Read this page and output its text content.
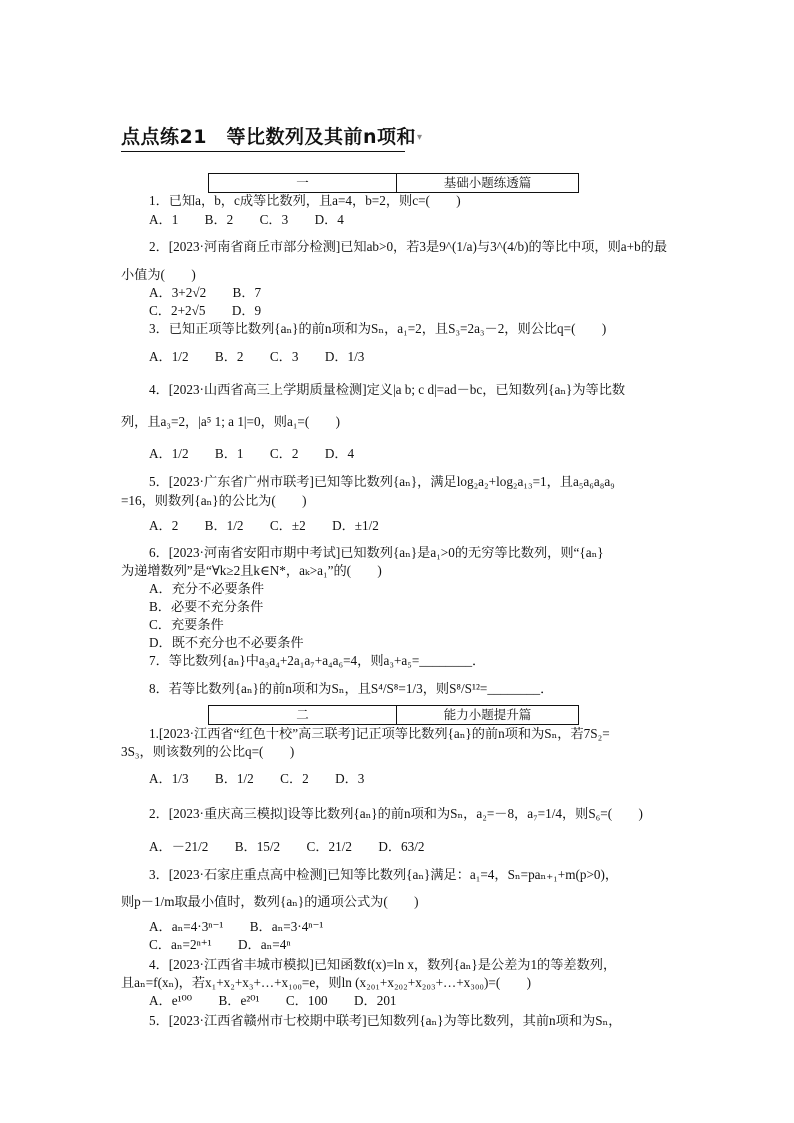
点点练21　等比数列及其前n项和▾
一	基础小题练透篇
1．已知a，b，c成等比数列，且a=4，b=2，则c=(　　)
A．1　　B．2　　C．3　　D．4
2．[2023·河南省商丘市部分检测]已知ab>0，若3是9^(1/a)与3^(4/b)的等比中项，则a+b的最
小值为(　　)
A．3+2√2　　B．7
C．2+2√5　　D．9
3．已知正项等比数列{aₙ}的前n项和为Sₙ，a₁=2，且S₃=2a₃－2，则公比q=(　　)
A．1/2　　B．2　　C．3　　D．1/3
4．[2023·山西省高三上学期质量检测]定义|a b; c d|=ad－bc，已知数列{aₙ}为等比数
列，且a₃=2，|a⁵ 1; a 1|=0，则a₁=(　　)
A．1/2　　B．1　　C．2　　D．4
5．[2023·广东省广州市联考]已知等比数列{aₙ}，满足log₂a₂+log₂a₁₃=1，且a₅a₆a₈a₉
=16，则数列{aₙ}的公比为(　　)
A．2　　B．1/2　　C．±2　　D．±1/2
6．[2023·河南省安阳市期中考试]已知数列{aₙ}是a₁>0的无穷等比数列，则“{aₙ}
为递增数列”是“∀k≥2且k∈N*，aₖ>a₁”的(　　)
A．充分不必要条件
B．必要不充分条件
C．充要条件
D．既不充分也不必要条件
7．等比数列{aₙ}中a₃a₄+2a₁a₇+a₄a₆=4，则a₃+a₅=________．
8．若等比数列{aₙ}的前n项和为Sₙ，且S⁴/S⁸=1/3，则S⁸/S¹²=________．
二	能力小题提升篇
1.[2023·江西省“红色十校”高三联考]记正项等比数列{aₙ}的前n项和为Sₙ，若7S₂=
3S₃，则该数列的公比q=(　　)
A．1/3　　B．1/2　　C．2　　D．3
2．[2023·重庆高三模拟]设等比数列{aₙ}的前n项和为Sₙ，a₂=－8，a₇=1/4，则S₆=(　　)
A．－21/2　　B．15/2　　C．21/2　　D．63/2
3．[2023·石家庄重点高中检测]已知等比数列{aₙ}满足：a₁=4，Sₙ=paₙ₊₁+m(p>0)，
则p－1/m取最小值时，数列{aₙ}的通项公式为(　　)
A．aₙ=4·3ⁿ⁻¹　　B．aₙ=3·4ⁿ⁻¹
C．aₙ=2ⁿ⁺¹　　D．aₙ=4ⁿ
4．[2023·江西省丰城市模拟]已知函数f(x)=ln x，数列{aₙ}是公差为1的等差数列，
且aₙ=f(xₙ)，若x₁+x₂+x₃+…+x₁₀₀=e，则ln (x₂₀₁+x₂₀₂+x₂₀₃+…+x₃₀₀)=(　　)
A．e¹⁰⁰　　B．e²⁰¹　　C．100　　D．201
5．[2023·江西省赣州市七校期中联考]已知数列{aₙ}为等比数列，其前n项和为Sₙ，
